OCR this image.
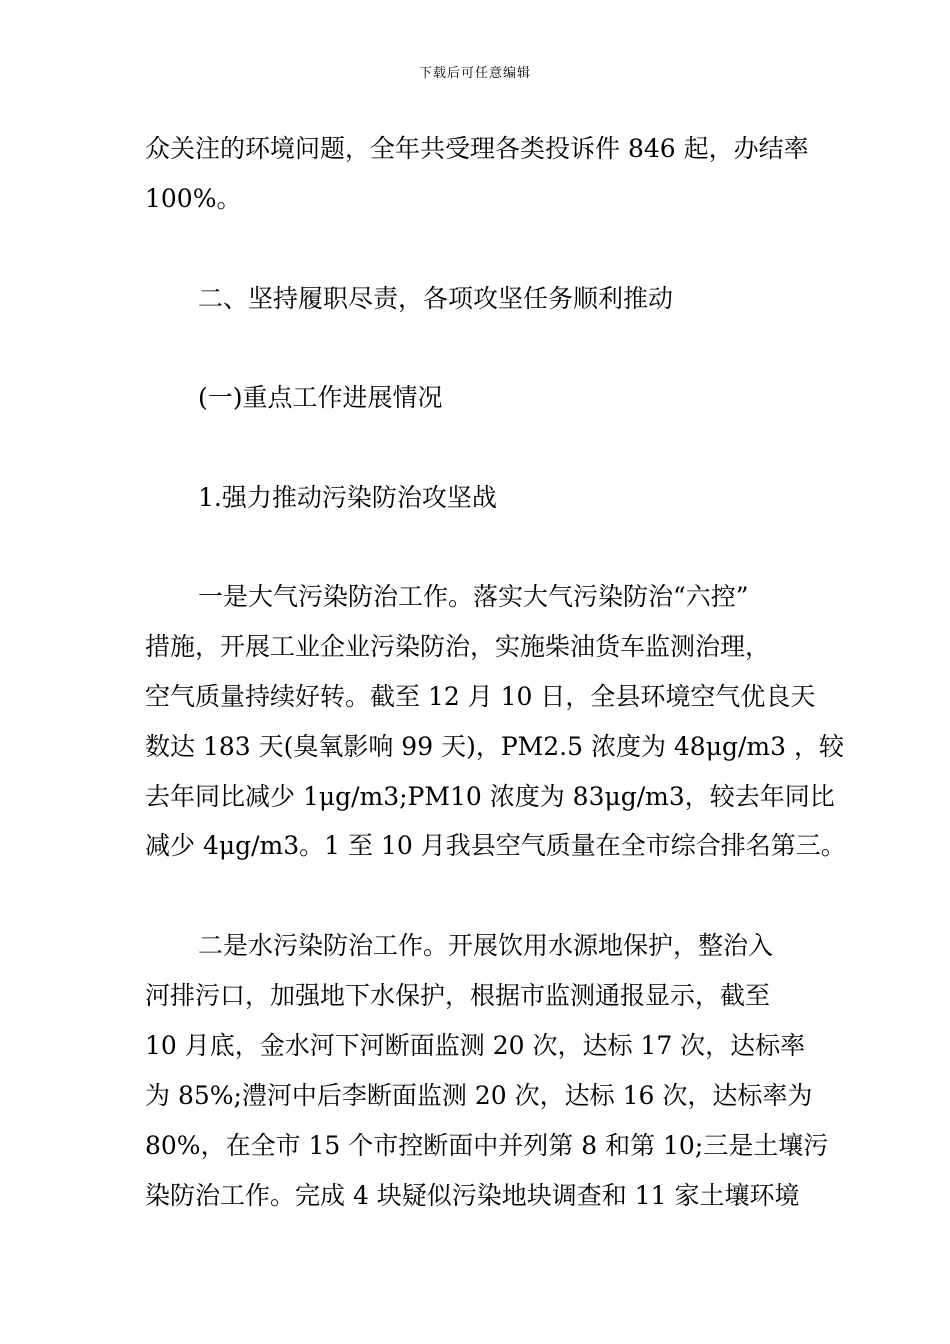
下载后可任意编辑
众关注的环境问题，全年共受理各类投诉件 846 起，办结率
100%。
二、坚持履职尽责，各项攻坚任务顺利推动
(一)重点工作进展情况
1.强力推动污染防治攻坚战
一是大气污染防治工作。落实大气污染防治“六控”
措施，开展工业企业污染防治，实施柴油货车监测治理，
空气质量持续好转。截至 12 月 10 日，全县环境空气优良天
数达 183 天(臭氧影响 99 天)，PM2.5 浓度为 48μg/m3 ，较
去年同比减少 1μg/m3;PM10 浓度为 83μg/m3，较去年同比
减少 4μg/m3。1 至 10 月我县空气质量在全市综合排名第三。
二是水污染防治工作。开展饮用水源地保护，整治入
河排污口，加强地下水保护，根据市监测通报显示，截至
10 月底，金水河下河断面监测 20 次，达标 17 次，达标率
为 85%;澧河中后李断面监测 20 次，达标 16 次，达标率为
80%，在全市 15 个市控断面中并列第 8 和第 10;三是土壤污
染防治工作。完成 4 块疑似污染地块调查和 11 家土壤环境
